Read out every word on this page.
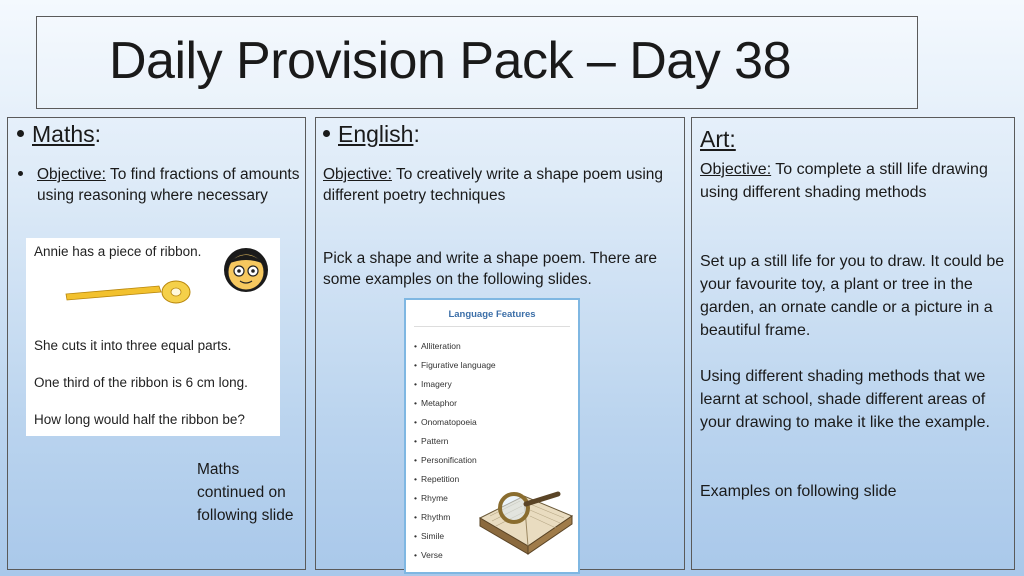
Daily Provision Pack – Day 38
Maths:
Objective: To find fractions of amounts using reasoning where necessary
Annie has a piece of ribbon.
She cuts it into three equal parts.
One third of the ribbon is 6 cm long.
How long would half the ribbon be?
Maths
continued on
following slide
English:
Objective: To creatively write a shape poem using different poetry techniques
Pick a shape and write a shape poem. There are some examples on the following slides.
Language Features
• Alliteration
• Figurative language
• Imagery
• Metaphor
• Onomatopoeia
• Pattern
• Personification
• Repetition
• Rhyme
• Rhythm
• Simile
• Verse
Art:
Objective: To complete a still life drawing using different shading methods
Set up a still life for you to draw. It could be your favourite toy, a plant or tree in the garden, an ornate candle or a picture in a beautiful frame.
Using different shading methods that we learnt at school, shade different areas of your drawing to make it like the example.
Examples on following slide
